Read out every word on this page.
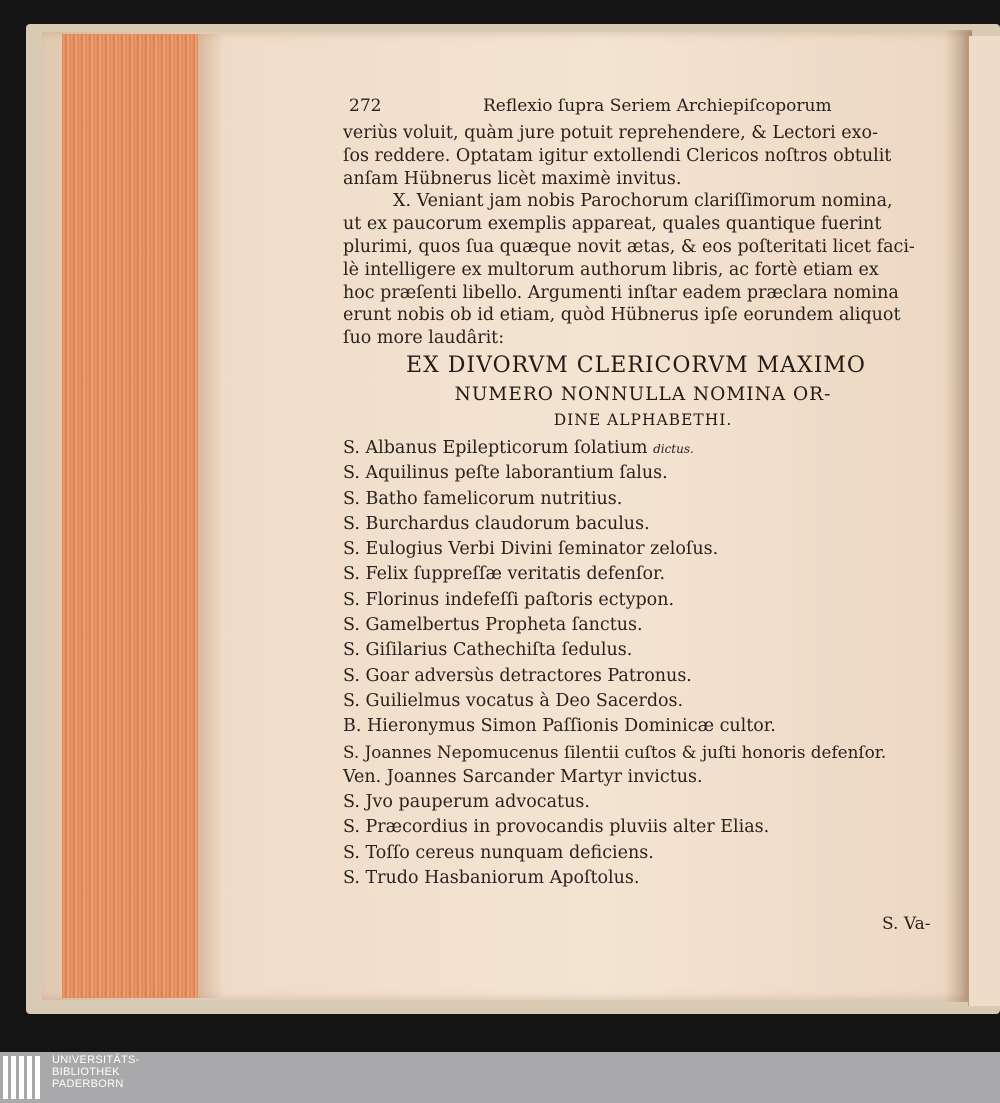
272	Reflexio ſupra Seriem Archiepiſcoporum
veriùs voluit, quàm jure potuit reprehendere, & Lectori exo-
ſos reddere. Optatam igitur extollendi Clericos noſtros obtulit
anſam Hübnerus licèt maximè invitus.
X. Veniant jam nobis Parochorum clariſſimorum nomina,
ut ex paucorum exemplis appareat, quales quantique fuerint
plurimi, quos ſua quæque novit ætas, & eos poſteritati licet faci-
lè intelligere ex multorum authorum libris, ac fortè etiam ex
hoc præſenti libello. Argumenti inſtar eadem præclara nomina
erunt nobis ob id etiam, quòd Hübnerus ipſe eorundem aliquot
ſuo more laudârit:
EX DIVORVM CLERICORVM MAXIMO
NUMERO NONNULLA NOMINA OR-
DINE ALPHABETHI.
S. Albanus Epilepticorum ſolatium dictus.
S. Aquilinus peſte laborantium ſalus.
S. Batho famelicorum nutritius.
S. Burchardus claudorum baculus.
S. Eulogius Verbi Divini ſeminator zeloſus.
S. Felix ſuppreſſæ veritatis defenſor.
S. Florinus indefeſſi paſtoris ectypon.
S. Gamelbertus Propheta ſanctus.
S. Giſilarius Cathechiſta ſedulus.
S. Goar adversùs detractores Patronus.
S. Guilielmus vocatus à Deo Sacerdos.
B. Hieronymus Simon Paſſionis Dominicæ cultor.
S. Joannes Nepomucenus ſilentii cuſtos & juſti honoris defenſor.
Ven. Joannes Sarcander Martyr invictus.
S. Jvo pauperum advocatus.
S. Præcordius in provocandis pluviis alter Elias.
S. Toſſo cereus nunquam deficiens.
S. Trudo Hasbaniorum Apoſtolus.
S. Va-
UNIVERSITÄTS-
BIBLIOTHEK
PADERBORN
